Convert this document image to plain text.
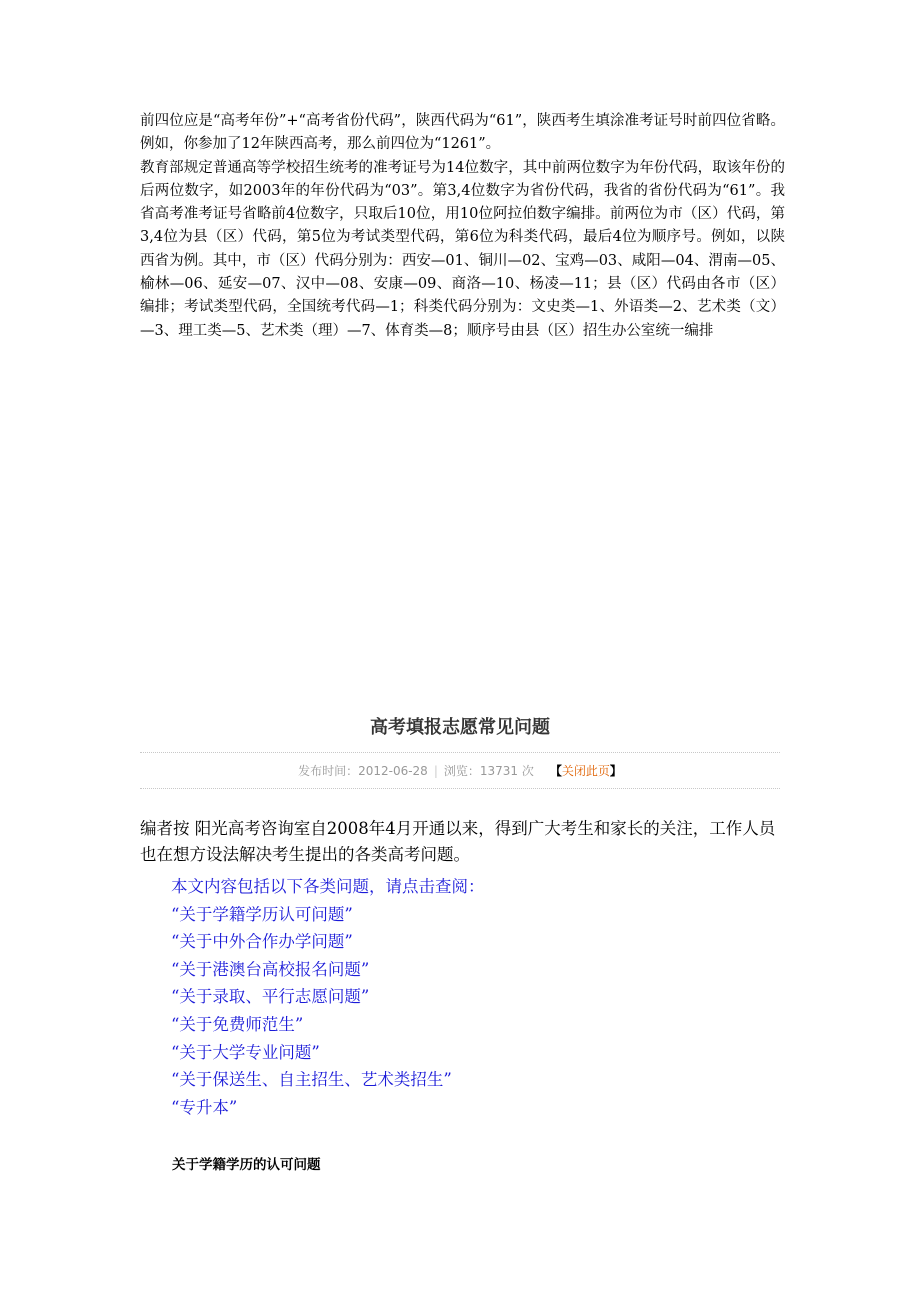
前四位应是“高考年份”+“高考省份代码”，陕西代码为“61”，陕西考生填涂准考证号时前四位省略。例如，你参加了12年陕西高考，那么前四位为“1261”。

教育部规定普通高等学校招生统考的准考证号为14位数字，其中前两位数字为年份代码，取该年份的后两位数字，如2003年的年份代码为“03”。第3,4位数字为省份代码，我省的省份代码为“61”。我省高考准考证号省略前4位数字，只取后10位，用10位阿拉伯数字编排。前两位为市（区）代码，第3,4位为县（区）代码，第5位为考试类型代码，第6位为科类代码，最后4位为顺序号。例如，以陕西省为例。其中，市（区）代码分别为：西安—01、铜川—02、宝鸡—03、咸阳—04、渭南—05、榆林—06、延安—07、汉中—08、安康—09、商洛—10、杨凌—11；县（区）代码由各市（区）编排；考试类型代码，全国统考代码—1；科类代码分别为：文史类—1、外语类—2、艺术类（文）—3、理工类—5、艺术类（理）—7、体育类—8；顺序号由县（区）招生办公室统一编排

高考填报志愿常见问题
发布时间：2012-06-28 | 浏览：13731 次 【关闭此页】

编者按 阳光高考咨询室自2008年4月开通以来，得到广大考生和家长的关注，工作人员也在想方设法解决考生提出的各类高考问题。

本文内容包括以下各类问题，请点击查阅：

“关于学籍学历认可问题”
“关于中外合作办学问题”
“关于港澳台高校报名问题”
“关于录取、平行志愿问题”
“关于免费师范生”
“关于大学专业问题”
“关于保送生、自主招生、艺术类招生”
“专升本”
关于学籍学历的认可问题
